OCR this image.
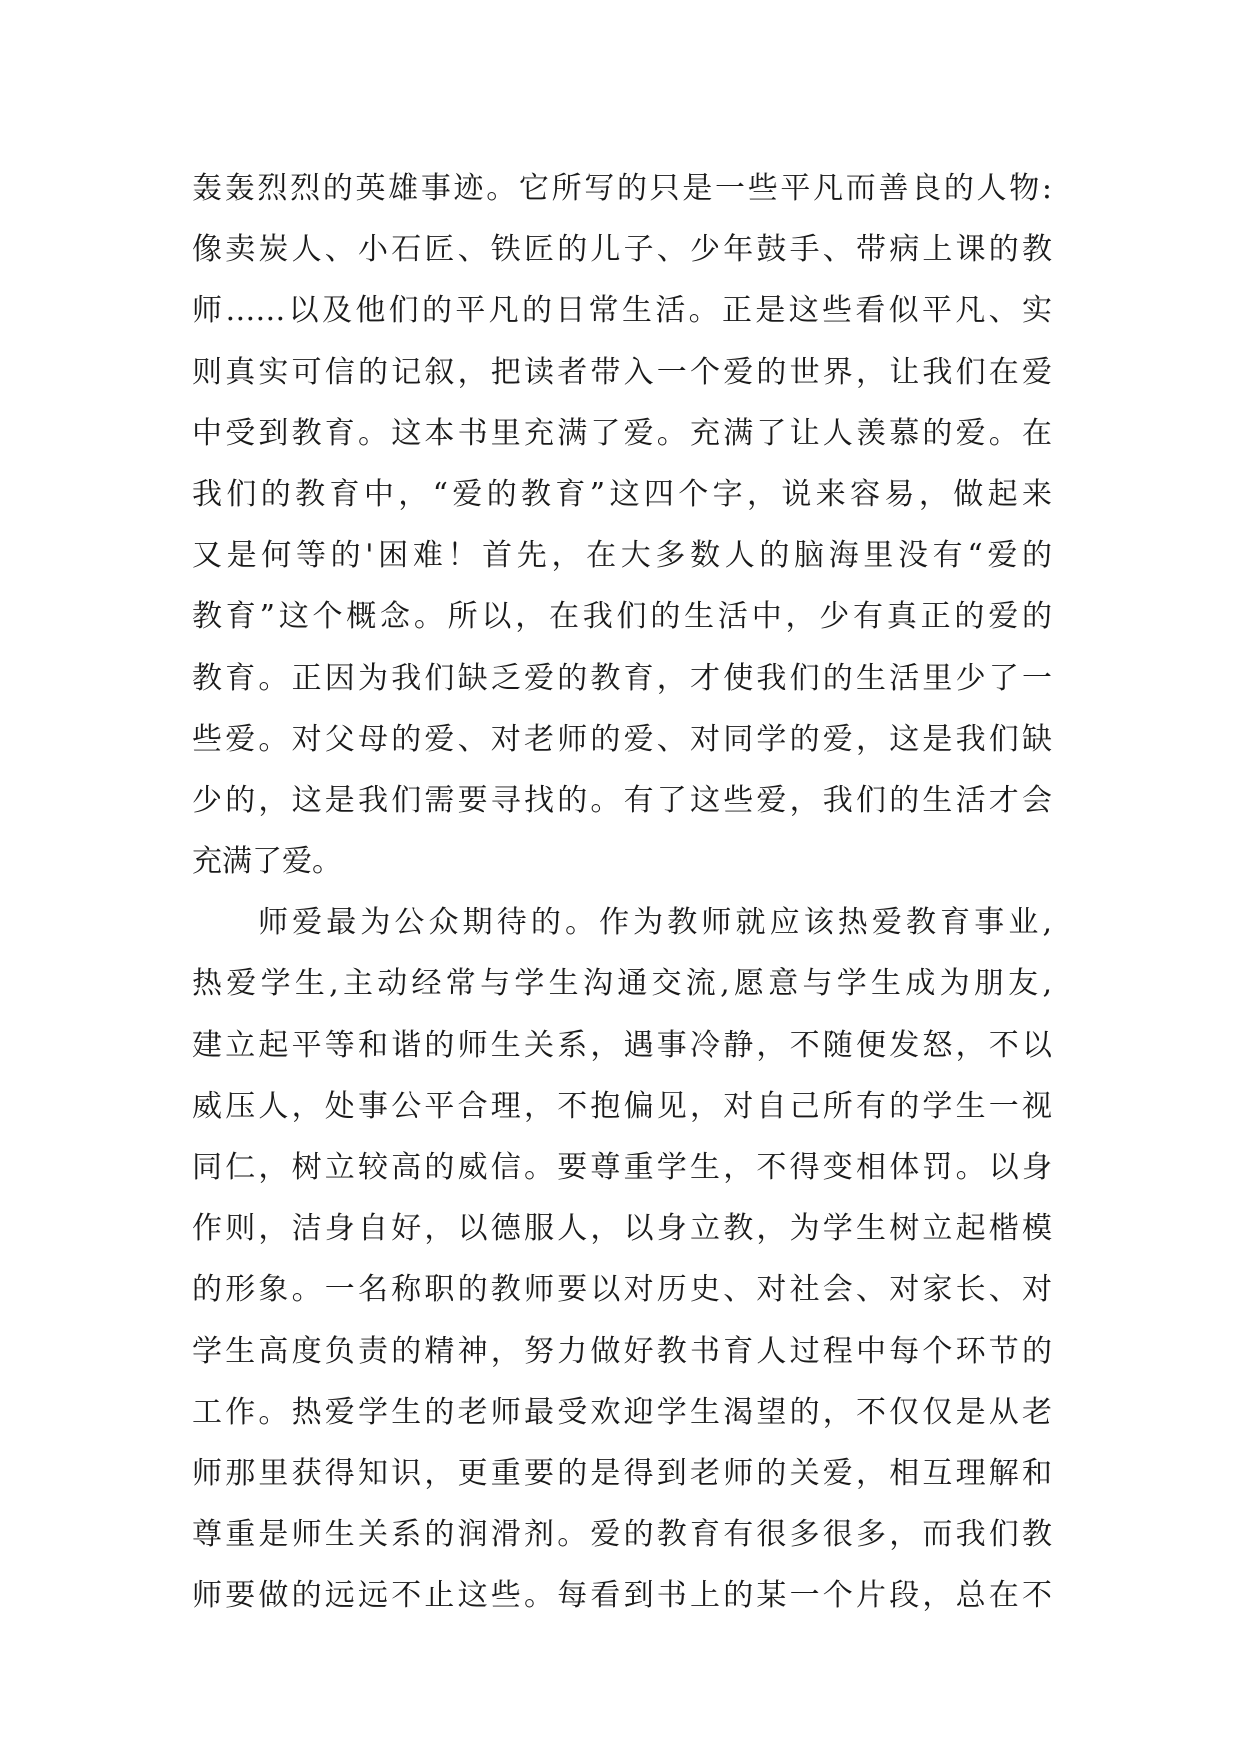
轰轰烈烈的英雄事迹。它所写的只是一些平凡而善良的人物:
像卖炭人、小石匠、铁匠的儿子、少年鼓手、带病上课的教
师……以及他们的平凡的日常生活。正是这些看似平凡、实
则真实可信的记叙，把读者带入一个爱的世界，让我们在爱
中受到教育。这本书里充满了爱。充满了让人羡慕的爱。在
我们的教育中，“爱的教育”这四个字，说来容易，做起来
又是何等的'困难！首先，在大多数人的脑海里没有“爱的
教育”这个概念。所以，在我们的生活中，少有真正的爱的
教育。正因为我们缺乏爱的教育，才使我们的生活里少了一
些爱。对父母的爱、对老师的爱、对同学的爱，这是我们缺
少的，这是我们需要寻找的。有了这些爱，我们的生活才会
充满了爱。
师爱最为公众期待的。作为教师就应该热爱教育事业,
热爱学生,主动经常与学生沟通交流,愿意与学生成为朋友,
建立起平等和谐的师生关系，遇事冷静，不随便发怒，不以
威压人，处事公平合理，不抱偏见，对自己所有的学生一视
同仁，树立较高的威信。要尊重学生，不得变相体罚。以身
作则，洁身自好，以德服人，以身立教，为学生树立起楷模
的形象。一名称职的教师要以对历史、对社会、对家长、对
学生高度负责的精神，努力做好教书育人过程中每个环节的
工作。热爱学生的老师最受欢迎学生渴望的，不仅仅是从老
师那里获得知识，更重要的是得到老师的关爱，相互理解和
尊重是师生关系的润滑剂。爱的教育有很多很多，而我们教
师要做的远远不止这些。每看到书上的某一个片段，总在不
